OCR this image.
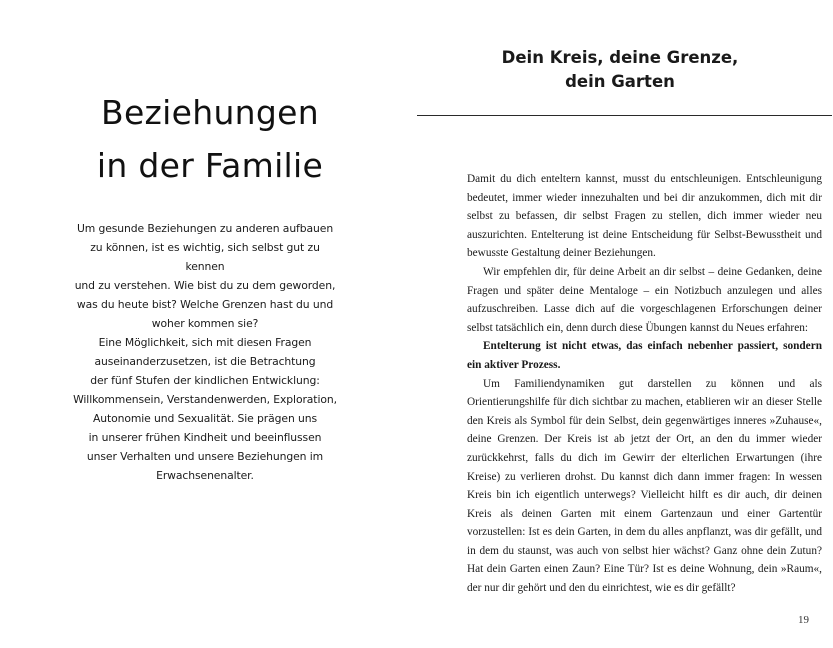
Beziehungen
in der Familie
Um gesunde Beziehungen zu anderen aufbauen
zu können, ist es wichtig, sich selbst gut zu kennen
und zu verstehen. Wie bist du zu dem geworden,
was du heute bist? Welche Grenzen hast du und
woher kommen sie?
Eine Möglichkeit, sich mit diesen Fragen
auseinanderzusetzen, ist die Betrachtung
der fünf Stufen der kindlichen Entwicklung:
Willkommensein, Verstandenwerden, Exploration,
Autonomie und Sexualität. Sie prägen uns
in unserer frühen Kindheit und beeinflussen
unser Verhalten und unsere Beziehungen im
Erwachsenenalter.
Dein Kreis, deine Grenze,
dein Garten

Damit du dich enteltern kannst, musst du entschleunigen. Entschleunigung bedeutet, immer wieder innezuhalten und bei dir anzukommen, dich mit dir selbst zu befassen, dir selbst Fragen zu stellen, dich immer wieder neu auszurichten. Entelterung ist deine Entscheidung für Selbst-Bewusstheit und bewusste Gestaltung deiner Beziehungen.

Wir empfehlen dir, für deine Arbeit an dir selbst – deine Gedanken, deine Fragen und später deine Mentaloge – ein Notizbuch anzulegen und alles aufzuschreiben. Lasse dich auf die vorgeschlagenen Erforschungen deiner selbst tatsächlich ein, denn durch diese Übungen kannst du Neues erfahren:

Entelterung ist nicht etwas, das einfach nebenher passiert, sondern ein aktiver Prozess.

Um Familiendynamiken gut darstellen zu können und als Orientierungshilfe für dich sichtbar zu machen, etablieren wir an dieser Stelle den Kreis als Symbol für dein Selbst, dein gegenwärtiges inneres »Zuhause«, deine Grenzen. Der Kreis ist ab jetzt der Ort, an den du immer wieder zurückkehrst, falls du dich im Gewirr der elterlichen Erwartungen (ihre Kreise) zu verlieren drohst. Du kannst dich dann immer fragen: In wessen Kreis bin ich eigentlich unterwegs? Vielleicht hilft es dir auch, dir deinen Kreis als deinen Garten mit einem Gartenzaun und einer Gartentür vorzustellen: Ist es dein Garten, in dem du alles anpflanzt, was dir gefällt, und in dem du staunst, was auch von selbst hier wächst? Ganz ohne dein Zutun? Hat dein Garten einen Zaun? Eine Tür? Ist es deine Wohnung, dein »Raum«, der nur dir gehört und den du einrichtest, wie es dir gefällt?

19
